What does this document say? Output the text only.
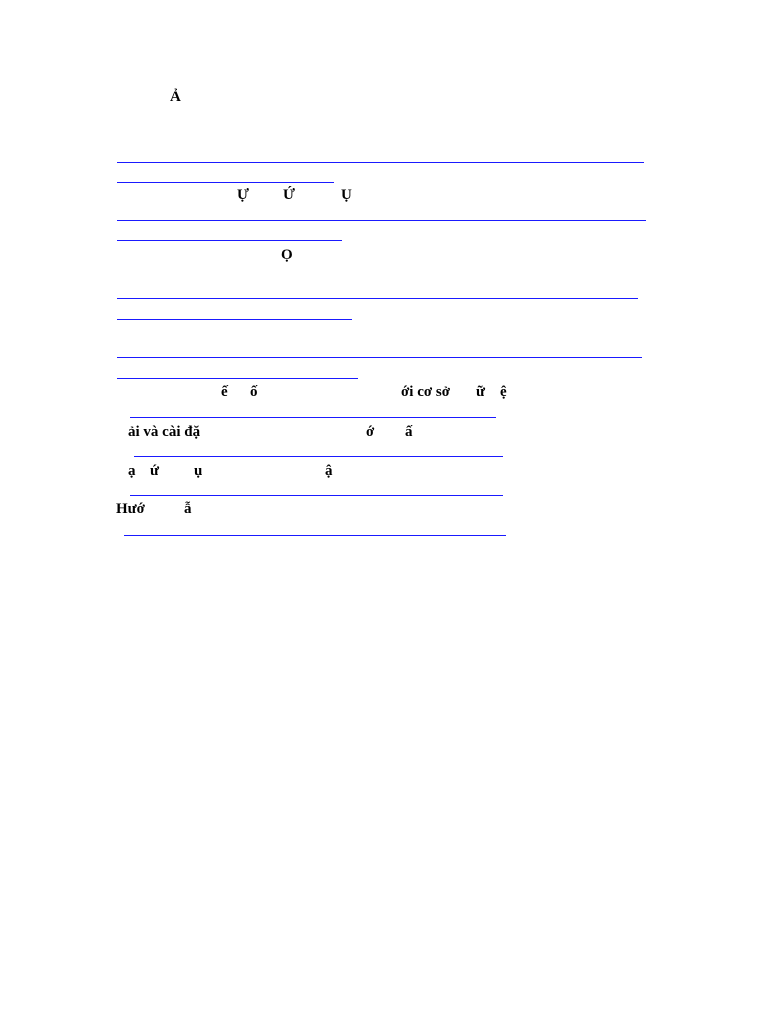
Ả
Ự Ứ	Ụ
Ọ
ế ố	ới cơ sở ữ ệ
ải và cài đặ	ớ ấ
ạ ứ ụ	ậ
Hướ	ẫ
